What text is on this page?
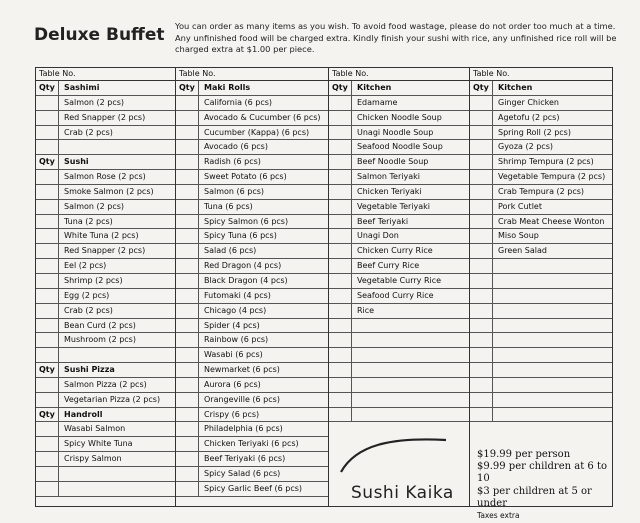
Deluxe Buffet You can order as many items as you wish. To avoid food wastage, please do not order too much at a time. Any unfinished food will be charged extra. Kindly finish your sushi with rice, any unfinished rice roll will be charged extra at $1.00 per piece.
Table No.
Qty	Sashimi
Salmon (2 pcs)
Red Snapper (2 pcs)
Crab (2 pcs)
Qty	Sushi
Salmon Rose (2 pcs)
Smoke Salmon (2 pcs)
Salmon (2 pcs)
Tuna (2 pcs)
White Tuna (2 pcs)
Red Snapper (2 pcs)
Eel (2 pcs)
Shrimp (2 pcs)
Egg (2 pcs)
Crab (2 pcs)
Bean Curd (2 pcs)
Mushroom (2 pcs)
Qty	Sushi Pizza
Salmon Pizza (2 pcs)
Vegetarian Pizza (2 pcs)
Qty	Handroll
Wasabi Salmon
Spicy White Tuna
Crispy Salmon
Table No.
Qty	Maki Rolls
California (6 pcs)
Avocado & Cucumber (6 pcs)
Cucumber (Kappa) (6 pcs)
Avocado (6 pcs)
Radish (6 pcs)
Sweet Potato (6 pcs)
Salmon (6 pcs)
Tuna (6 pcs)
Spicy Salmon (6 pcs)
Spicy Tuna (6 pcs)
Salad (6 pcs)
Red Dragon (4 pcs)
Black Dragon (4 pcs)
Futomaki (4 pcs)
Chicago (4 pcs)
Spider (4 pcs)
Rainbow (6 pcs)
Wasabi (6 pcs)
Newmarket (6 pcs)
Aurora (6 pcs)
Orangeville (6 pcs)
Crispy (6 pcs)
Philadelphia (6 pcs)
Chicken Teriyaki (6 pcs)
Beef Teriyaki (6 pcs)
Spicy Salad (6 pcs)
Spicy Garlic Beef (6 pcs)
Table No.
Qty	Kitchen
Edamame
Chicken Noodle Soup
Unagi Noodle Soup
Seafood Noodle Soup
Beef Noodle Soup
Salmon Teriyaki
Chicken Teriyaki
Vegetable Teriyaki
Beef Teriyaki
Unagi Don
Chicken Curry Rice
Beef Curry Rice
Vegetable Curry Rice
Seafood Curry Rice
Rice
Table No.
Qty	Kitchen
Ginger Chicken
Agetofu (2 pcs)
Spring Roll (2 pcs)
Gyoza (2 pcs)
Shrimp Tempura (2 pcs)
Vegetable Tempura (2 pcs)
Crab Tempura (2 pcs)
Pork Cutlet
Crab Meat Cheese Wonton
Miso Soup
Green Salad
Sushi Kaika
$19.99 per person
$9.99 per children at 6 to 10
$3 per children at 5 or under
Taxes extra
